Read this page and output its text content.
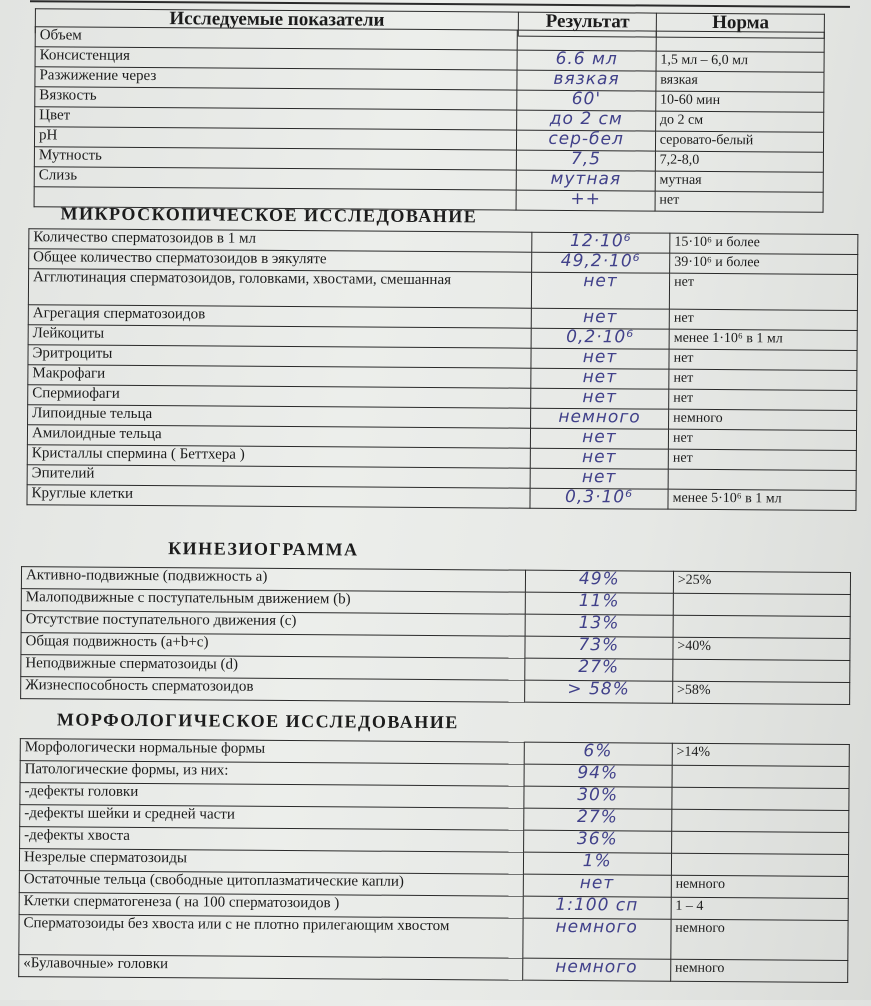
Исследуемые показатели	Результат	Норма
Объем		
Консистенция	6.6 мл	1,5 мл – 6,0 мл
Разжижение через	вязкая	вязкая
Вязкость	60'	10-60 мин
Цвет	до 2 см	до 2 см
pH	сер-бел	серовато-белый
Мутность	7,5	7,2-8,0
Слизь	мутная	мутная
	++	нет
МИКРОСКОПИЧЕСКОЕ ИССЛЕДОВАНИЕ
Количество сперматозоидов в 1 мл	12·10⁶	15·10⁶ и более
Общее количество сперматозоидов в эякуляте	49,2·10⁶	39·10⁶ и более
Агглютинация сперматозоидов, головками, хвостами, смешанная	нет	нет
Агрегация сперматозоидов	нет	нет
Лейкоциты	0,2·10⁶	менее 1·10⁶ в 1 мл
Эритроциты	нет	нет
Макрофаги	нет	нет
Спермиофаги	нет	нет
Липоидные тельца	немного	немного
Амилоидные тельца	нет	нет
Кристаллы спермина ( Беттхера )	нет	нет
Эпителий	нет	
Круглые клетки	0,3·10⁶	менее 5·10⁶ в 1 мл
КИНЕЗИОГРАММА
Активно-подвижные (подвижность a)	49%	>25%
Малоподвижные с поступательным движением (b)	11%	
Отсутствие поступательного движения (c)	13%	
Общая подвижность (a+b+c)	73%	>40%
Неподвижные сперматозоиды (d)	27%	
Жизнеспособность сперматозоидов	> 58%	>58%
МОРФОЛОГИЧЕСКОЕ ИССЛЕДОВАНИЕ
Морфологически нормальные формы	6%	>14%
Патологические формы, из них:	94%	
-дефекты головки	30%	
-дефекты шейки и средней части	27%	
-дефекты хвоста	36%	
Незрелые сперматозоиды	1%	
Остаточные тельца (свободные цитоплазматические капли)	нет	немного
Клетки сперматогенеза ( на 100 сперматозоидов )	1:100 сп	1 – 4
Сперматозоиды без хвоста или с не плотно прилегающим хвостом	немного	немного
«Булавочные» головки	немного	немного
